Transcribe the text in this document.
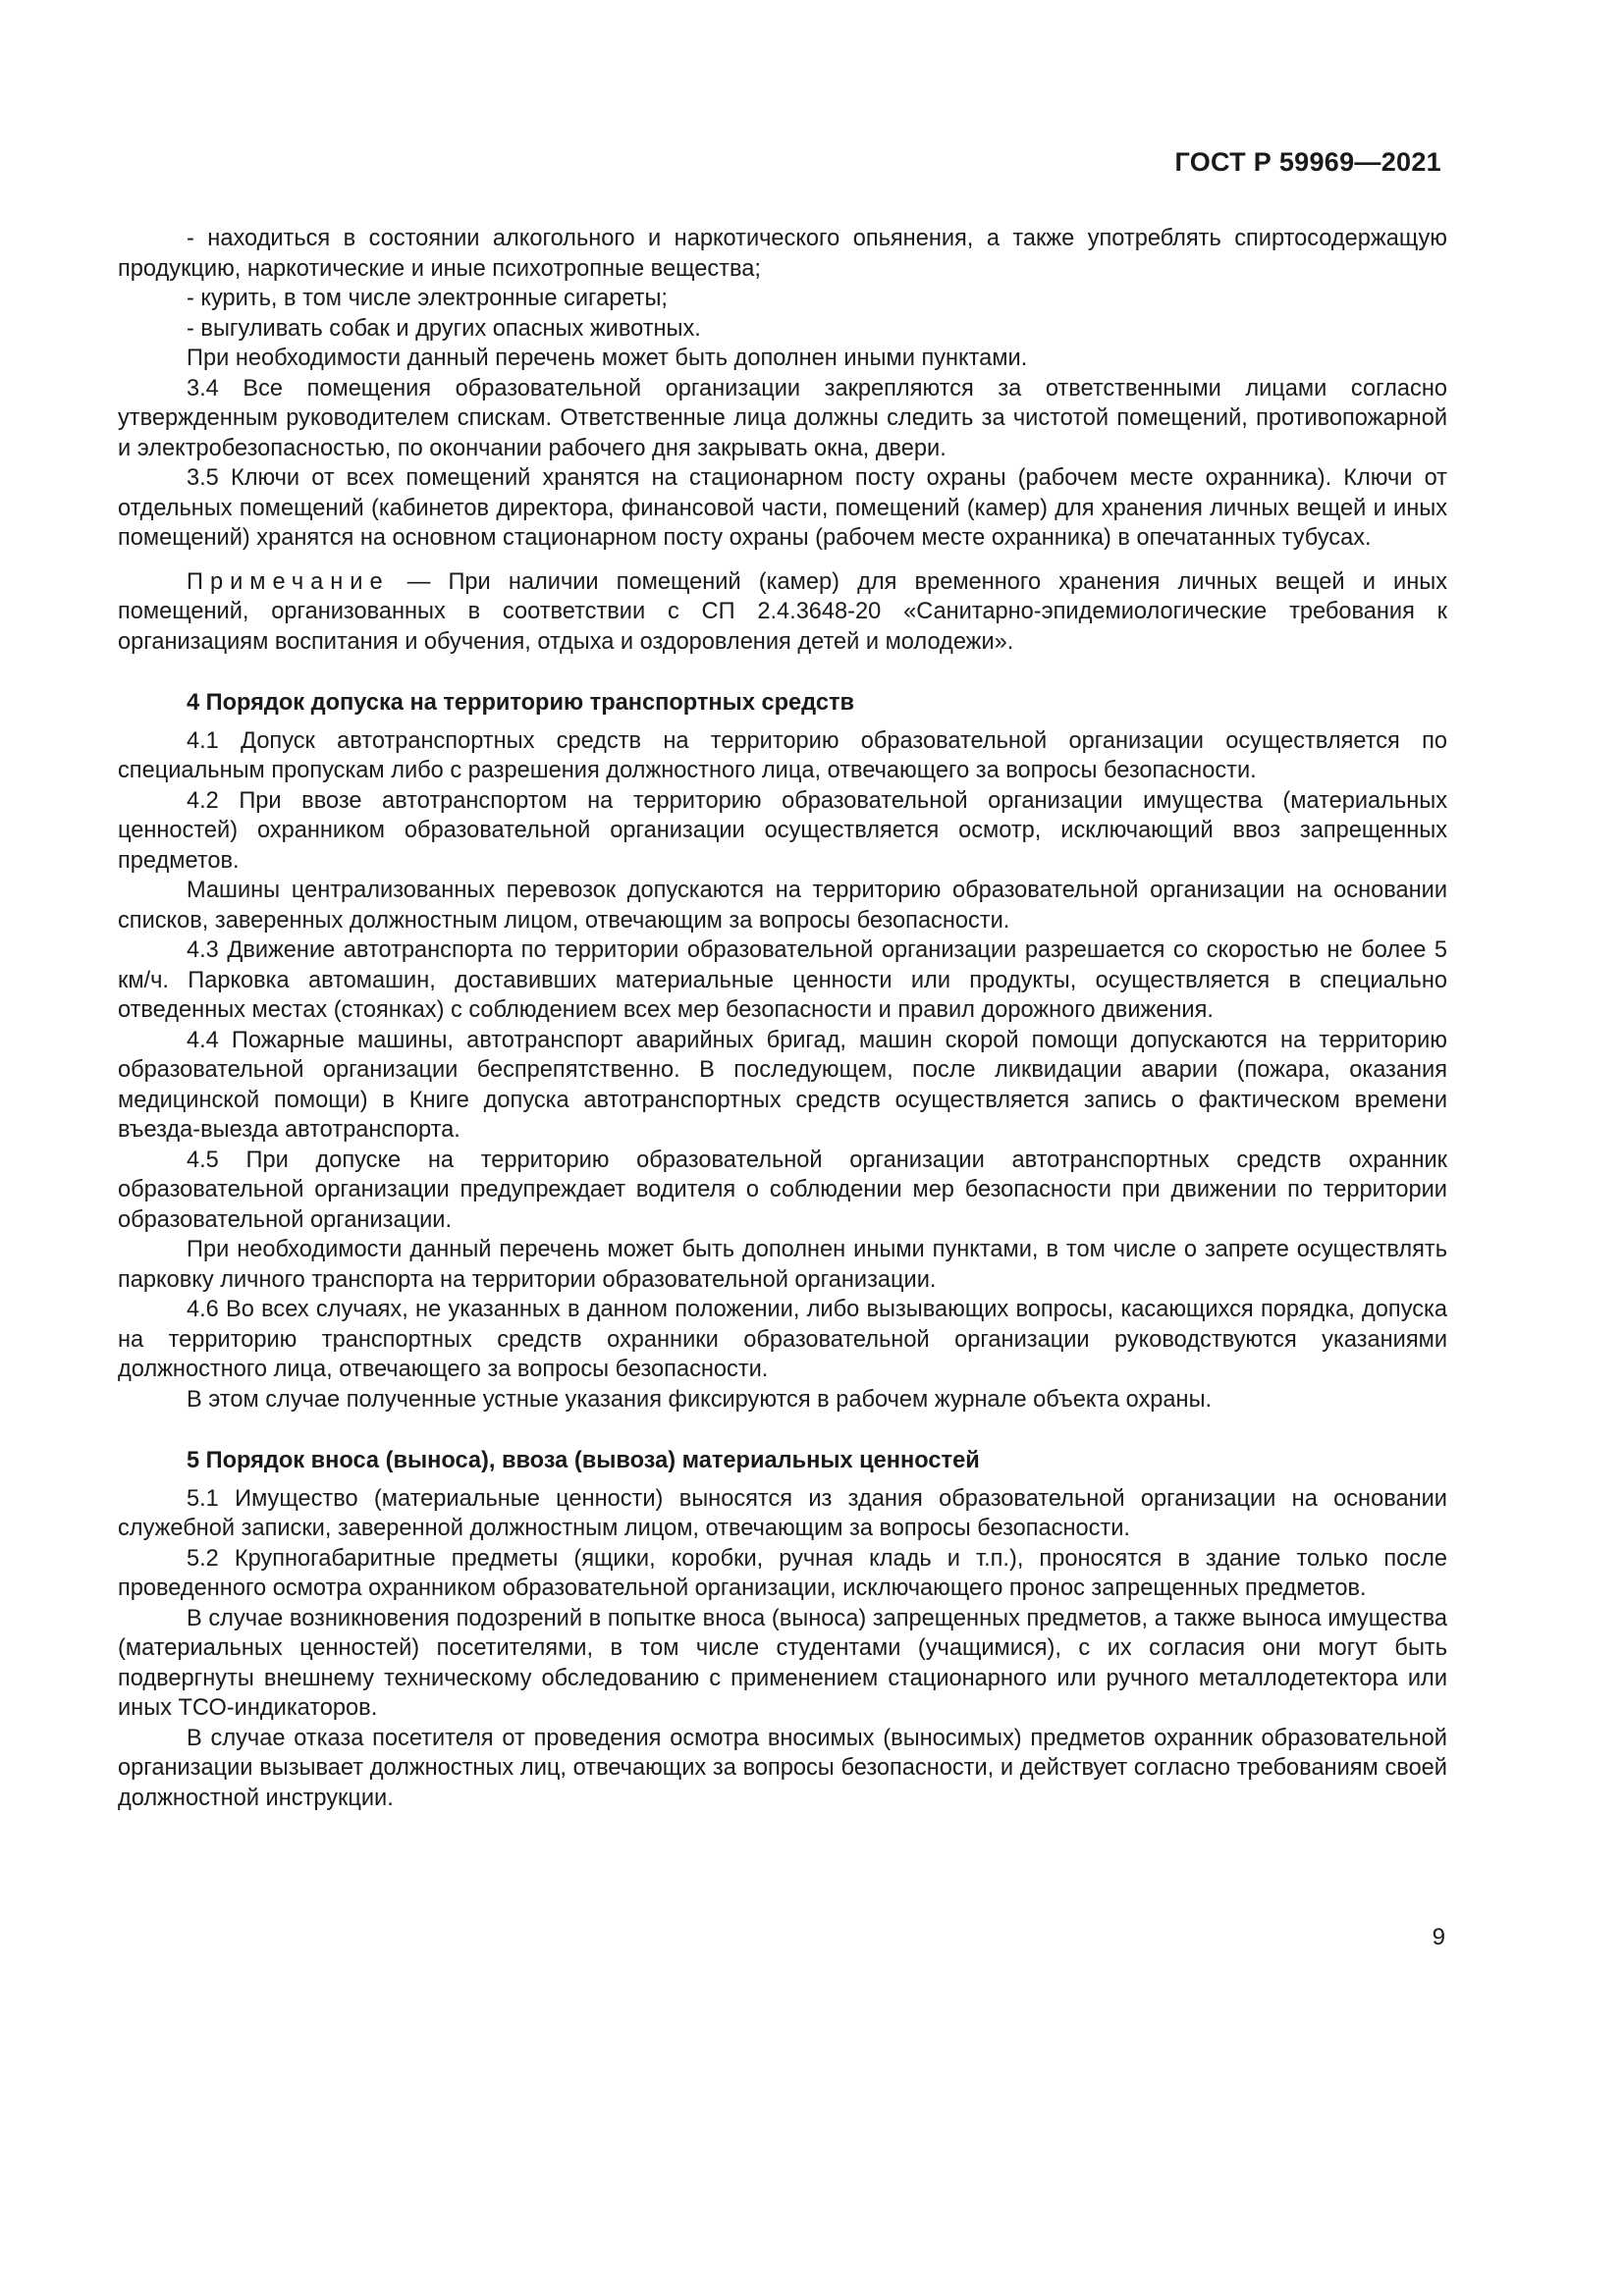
ГОСТ Р 59969—2021

- находиться в состоянии алкогольного и наркотического опьянения, а также употреблять спиртосодержащую продукцию, наркотические и иные психотропные вещества;

- курить, в том числе электронные сигареты;

- выгуливать собак и других опасных животных.

При необходимости данный перечень может быть дополнен иными пунктами.

3.4 Все помещения образовательной организации закрепляются за ответственными лицами согласно утвержденным руководителем спискам. Ответственные лица должны следить за чистотой помещений, противопожарной и электробезопасностью, по окончании рабочего дня закрывать окна, двери.

3.5 Ключи от всех помещений хранятся на стационарном посту охраны (рабочем месте охранника). Ключи от отдельных помещений (кабинетов директора, финансовой части, помещений (камер) для хранения личных вещей и иных помещений) хранятся на основном стационарном посту охраны (рабочем месте охранника) в опечатанных тубусах.

Примечание — При наличии помещений (камер) для временного хранения личных вещей и иных помещений, организованных в соответствии с СП 2.4.3648-20 «Санитарно-эпидемиологические требования к организациям воспитания и обучения, отдыха и оздоровления детей и молодежи».

4 Порядок допуска на территорию транспортных средств

4.1 Допуск автотранспортных средств на территорию образовательной организации осуществляется по специальным пропускам либо с разрешения должностного лица, отвечающего за вопросы безопасности.

4.2 При ввозе автотранспортом на территорию образовательной организации имущества (материальных ценностей) охранником образовательной организации осуществляется осмотр, исключающий ввоз запрещенных предметов.

Машины централизованных перевозок допускаются на территорию образовательной организации на основании списков, заверенных должностным лицом, отвечающим за вопросы безопасности.

4.3 Движение автотранспорта по территории образовательной организации разрешается со скоростью не более 5 км/ч. Парковка автомашин, доставивших материальные ценности или продукты, осуществляется в специально отведенных местах (стоянках) с соблюдением всех мер безопасности и правил дорожного движения.

4.4 Пожарные машины, автотранспорт аварийных бригад, машин скорой помощи допускаются на территорию образовательной организации беспрепятственно. В последующем, после ликвидации аварии (пожара, оказания медицинской помощи) в Книге допуска автотранспортных средств осуществляется запись о фактическом времени въезда-выезда автотранспорта.

4.5 При допуске на территорию образовательной организации автотранспортных средств охранник образовательной организации предупреждает водителя о соблюдении мер безопасности при движении по территории образовательной организации.

При необходимости данный перечень может быть дополнен иными пунктами, в том числе о запрете осуществлять парковку личного транспорта на территории образовательной организации.

4.6 Во всех случаях, не указанных в данном положении, либо вызывающих вопросы, касающихся порядка, допуска на территорию транспортных средств охранники образовательной организации руководствуются указаниями должностного лица, отвечающего за вопросы безопасности.

В этом случае полученные устные указания фиксируются в рабочем журнале объекта охраны.

5 Порядок вноса (выноса), ввоза (вывоза) материальных ценностей

5.1 Имущество (материальные ценности) выносятся из здания образовательной организации на основании служебной записки, заверенной должностным лицом, отвечающим за вопросы безопасности.

5.2 Крупногабаритные предметы (ящики, коробки, ручная кладь и т.п.), проносятся в здание только после проведенного осмотра охранником образовательной организации, исключающего пронос запрещенных предметов.

В случае возникновения подозрений в попытке вноса (выноса) запрещенных предметов, а также выноса имущества (материальных ценностей) посетителями, в том числе студентами (учащимися), с их согласия они могут быть подвергнуты внешнему техническому обследованию с применением стационарного или ручного металлодетектора или иных ТСО-индикаторов.

В случае отказа посетителя от проведения осмотра вносимых (выносимых) предметов охранник образовательной организации вызывает должностных лиц, отвечающих за вопросы безопасности, и действует согласно требованиям своей должностной инструкции.

9
